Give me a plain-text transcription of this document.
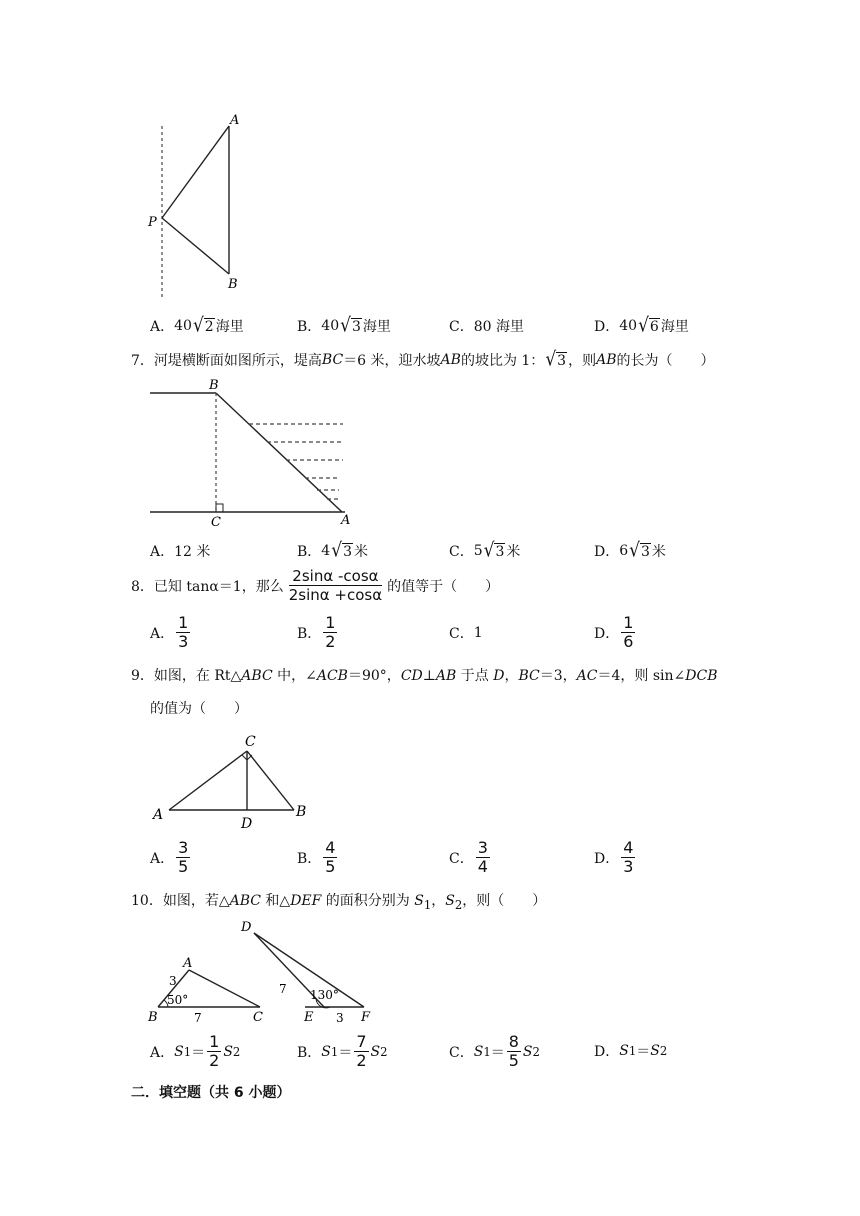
A
P
B
A． 40 √ 2 海里	B． 40 √ 3 海里	C． 80 海里	D． 40 √ 6 海里
7．河堤横断面如图所示，堤高 BC ＝6 米，迎水坡 AB 的坡比为 1： √ 3 ，则 AB 的长为（　　）
B
C	A
A． 12 米	B． 4 √ 3 米	C． 5 √ 3 米	D． 6 √ 3 米
8．已知 tanα＝1，那么 $\frac{2\sin\alpha -\cos\alpha}{2\sin\alpha +\cos\alpha}$ 的值等于（　　）
A． $\frac{1}{3}$	B． $\frac{1}{2}$	C． 1	D． $\frac{1}{6}$
9．如图，在 Rt△ABC 中，∠ACB＝90°，CD⊥AB 于点 D，BC＝3，AC＝4，则 sin∠DCB
的值为（　　）
C
A	B
D
A． $\frac{3}{5}$	B． $\frac{4}{5}$	C． $\frac{3}{4}$	D． $\frac{4}{3}$
10．如图，若△ABC 和△DEF 的面积分别为 $S_1$，$S_2$，则（　　）
A
B	C
3
7
50°
D
E	F
7
3
130°
A． S $1 = \frac{1}{2}$ S 2	B． S $1 = \frac{7}{2}$ S 2	C． S $1 = \frac{8}{5}$ S 2	D． S 1 ＝ S 2
二．填空题（共 6 小题）
